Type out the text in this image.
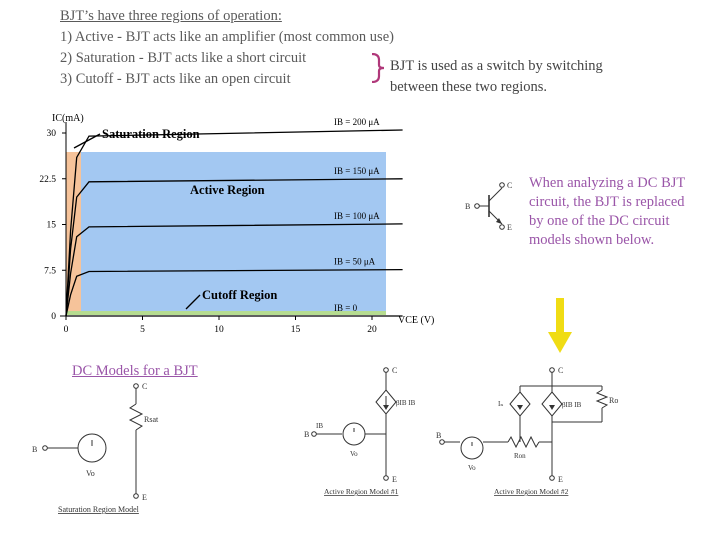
BJT’s have three regions of operation:
1) Active - BJT acts like an amplifier (most common use)
2) Saturation - BJT acts like a short circuit
3) Cutoff - BJT acts like an open circuit
BJT is used as a switch by switching
between these two regions.
IB = 200 μA
IB = 150 μA
IB = 100 μA
IB = 50 μA
IB = 0
0	5	10	15	20
0
7.5
15
22.5
30
IC(mA)
VCE (V)
Saturation Region
Active Region
Cutoff Region
C
B
E
When analyzing a DC BJT circuit, the BJT is replaced by one of the DC circuit models shown below.
DC Models for a BJT
C
Rsat
E
B
Vo
Saturation Region Model
C
βIB IB
E
B
IB
Vo
Active Region Model #1
C
Iₙ	βIB IB
E
Ro
B
Vo
Ron
Active Region Model #2
